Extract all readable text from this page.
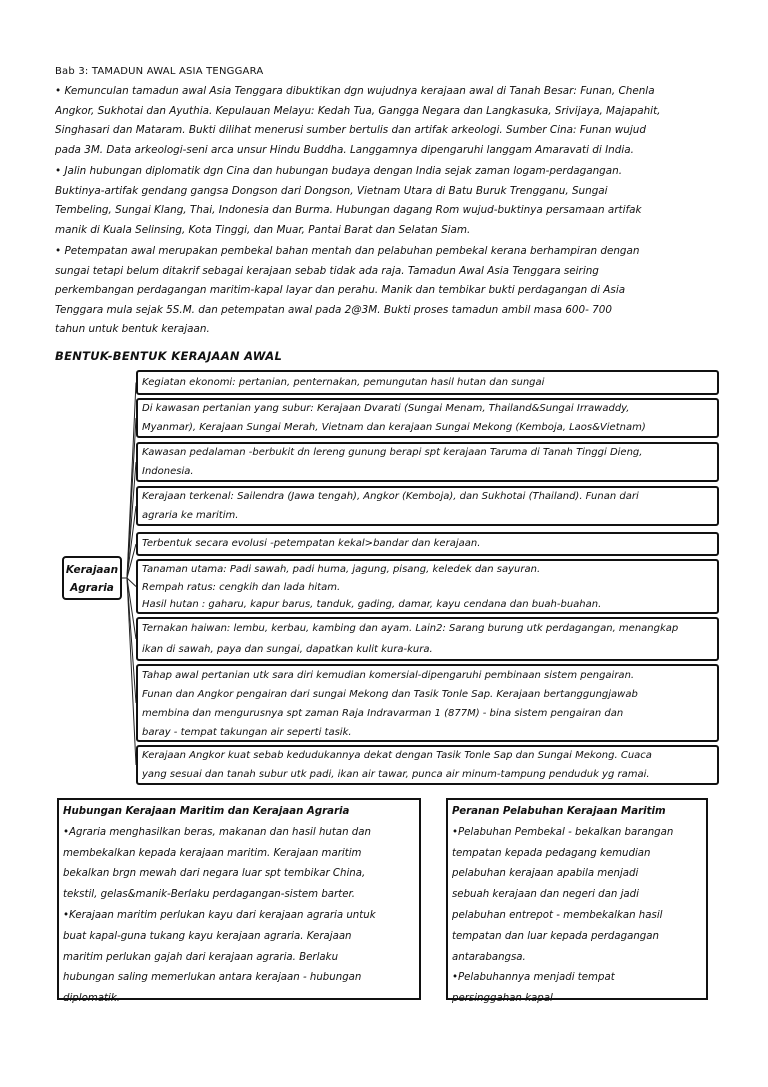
Bab 3: TAMADUN AWAL ASIA TENGGARA
• Kemunculan tamadun awal Asia Tenggara dibuktikan dgn wujudnya kerajaan awal di Tanah Besar: Funan, Chenla
Angkor, Sukhotai dan Ayuthia. Kepulauan Melayu: Kedah Tua, Gangga Negara dan Langkasuka, Srivijaya, Majapahit,
Singhasari dan Mataram. Bukti dilihat menerusi sumber bertulis dan artifak arkeologi. Sumber Cina: Funan wujud
pada 3M. Data arkeologi-seni arca unsur Hindu Buddha. Langgamnya dipengaruhi langgam Amaravati di India.
• Jalin hubungan diplomatik dgn Cina dan hubungan budaya dengan India sejak zaman logam-perdagangan.
Buktinya-artifak gendang gangsa Dongson dari Dongson, Vietnam Utara di Batu Buruk Trengganu, Sungai
Tembeling, Sungai Klang, Thai, Indonesia dan Burma. Hubungan dagang Rom wujud-buktinya persamaan artifak
manik di Kuala Selinsing, Kota Tinggi, dan Muar, Pantai Barat dan Selatan Siam.
• Petempatan awal merupakan pembekal bahan mentah dan pelabuhan pembekal kerana berhampiran dengan
sungai tetapi belum ditakrif sebagai kerajaan sebab tidak ada raja. Tamadun Awal Asia Tenggara seiring
perkembangan perdagangan maritim-kapal layar dan perahu. Manik dan tembikar bukti perdagangan di Asia
Tenggara mula sejak 5S.M. dan petempatan awal pada 2@3M. Bukti proses tamadun ambil masa 600- 700
tahun untuk bentuk kerajaan.
BENTUK-BENTUK KERAJAAN AWAL
Kerajaan
Agraria
Kegiatan ekonomi: pertanian, penternakan, pemungutan hasil hutan dan sungai
Di kawasan pertanian yang subur: Kerajaan Dvarati (Sungai Menam, Thailand&Sungai Irrawaddy,
Myanmar), Kerajaan Sungai Merah, Vietnam dan kerajaan Sungai Mekong (Kemboja, Laos&Vietnam)
Kawasan pedalaman -berbukit dn lereng gunung berapi spt kerajaan Taruma di Tanah Tinggi Dieng,
Indonesia.
Kerajaan terkenal: Sailendra (Jawa tengah), Angkor (Kemboja), dan Sukhotai (Thailand). Funan dari
agraria ke maritim.
Terbentuk secara evolusi -petempatan kekal>bandar dan kerajaan.
Tanaman utama: Padi sawah, padi huma, jagung, pisang, keledek dan sayuran.
Rempah ratus: cengkih dan lada hitam.
Hasil hutan : gaharu, kapur barus, tanduk, gading, damar, kayu cendana dan buah-buahan.
Ternakan haiwan: lembu, kerbau, kambing dan ayam. Lain2: Sarang burung utk perdagangan, menangkap
ikan di sawah, paya dan sungai, dapatkan kulit kura-kura.
Tahap awal pertanian utk sara diri kemudian komersial-dipengaruhi pembinaan sistem pengairan.
Funan dan Angkor pengairan dari sungai Mekong dan Tasik Tonle Sap. Kerajaan bertanggungjawab
membina dan mengurusnya spt zaman Raja Indravarman 1 (877M) - bina sistem pengairan dan
baray - tempat takungan air seperti tasik.
Kerajaan Angkor kuat sebab kedudukannya dekat dengan Tasik Tonle Sap dan Sungai Mekong. Cuaca
yang sesuai dan tanah subur utk padi, ikan air tawar, punca air minum-tampung penduduk yg ramai.
Hubungan Kerajaan Maritim dan Kerajaan Agraria
•Agraria menghasilkan beras, makanan dan hasil hutan dan
membekalkan kepada kerajaan maritim. Kerajaan maritim
bekalkan brgn mewah dari negara luar spt tembikar China,
tekstil, gelas&manik-Berlaku perdagangan-sistem barter.
•Kerajaan maritim perlukan kayu dari kerajaan agraria untuk
buat kapal-guna tukang kayu kerajaan agraria. Kerajaan
maritim perlukan gajah dari kerajaan agraria. Berlaku
hubungan saling memerlukan antara kerajaan - hubungan
diplomatik.
Peranan Pelabuhan Kerajaan Maritim
•Pelabuhan Pembekal - bekalkan barangan
tempatan kepada pedagang kemudian
pelabuhan kerajaan apabila menjadi
sebuah kerajaan dan negeri dan jadi
pelabuhan entrepot - membekalkan hasil
tempatan dan luar kepada perdagangan
antarabangsa.
•Pelabuhannya menjadi tempat
persinggahan kapal
